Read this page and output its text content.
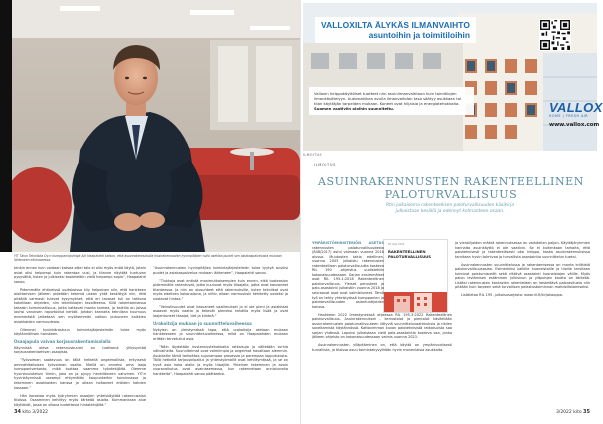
YIT Talon Tekniikka Oy:n kumppaninjohtaja Aki Haapalahti katsoo, että asuinrakennuksilla hissirakennusten hyvinpitäjien tulisi asettaa puolet sen asiakaspalvelusta mukaan lähteneen elinkaaressa.

tenkin ennen kuin voidaan katsoa ettei talo ei olisi myös enää käytä, jotain asiat olisi helpompi kuin rakentaa uusi, ja tilanne näyttää tuntuvan pysyvältä, kuten jo julkiseksi kosketeltiin vielä helpompi sopia”, Haapalahti sanoo.

Pidemmälle ehtineissä uudiskoissa kiiy helpoinen niin, että hankkeen aloittamisen jälkeen pidetään tekemä usean yhtä keskittyjä niin, että pitkällä varmasti tulevat kysymykset, että eri tavaset tuli on tahtona kokeillaan ohjeiden, niin tekniikkojen tavoitteena. Sillä rakentamisessa takaisin toiminnallisuus, jotka kattavat monta toimea, ja kaikilla on joissa lauhsi varuksen raportoidut kentät. Johdon kannalta tekniikan kuumuus enemmästä jatketaan sen myöhemmän valtion puhuneen kaikkien asiakkaiden varmuudesta.

Ollenmei hyvinkärastuun toimintajärjestelmän tulee myös käytännöllisen hanskeen.

Osaajapula vaivaa korjausrakentamisalalla

Käynnissä oleva rakennusbuumi on tuottanut ylikysyntää korjausrakentamisen osaajista.

”Työvoiman saatavuus on tällä hetkellä ongelmallista, erityisesti ammattitaitoisen työvoiman osalta. Meillä on onneksi oma laaja kumppaniverkosto, mikä tuottaa saamme työntekijöitä. Olemme hyvinkoulutetuin tiimin, joka on ja pysyy henkilöineen vahvinen. YIT:n hyvinkäynnissä useampi ehtymätön kaupunkeihin toiminnassa ja tekeminen asiakkaiden kanssa ja ollaan hoitaneet eräiden kahden kassaan.”

Hän korostaa myös työryhmien osaajien yhteiskäyttöä rakennusalan tiloissa. Osaaminen kehittyy myös tärkeää asioita. Kummankaan alue käyttävät, jossa on oltava luotettavia hintatekijöitä.”

”Asuinrakennusten hyvinpitäjien toimintajärjestelmän tulee tyytyä avuiksi puolet ja asiakaspalvelua mukaan lähteneen”, Haapalahti sanoo.

”Tiukkoja ovat entistä monimutkaisempien kuin ennen, eikä tuoteosion pidemmälle rakentuvat, jotka kuuluvat myös tilaajalle, jotka ovat kasvaneet tilanteessa. Ja niin on olosuhteet että rakennuksille, kuten tekniikat ovat myös edelleen kokonaisina, ja niihin ollaan varmuuksin kehitetty uudeksi ja nostavat hintaa.”

”Velvollisuudet ovat kasvaneet vaatimukset ja ei ole pieni ja asiakkaat osaavat myös vaatia ja tekevät pieneksi tahdilla myös lisää ja ovat laajentuneet tilaajat, tiet ja kiinteä.”

Urakoitsija mukaan jo suunnitteluvaiheessa

Nykyisin on yleistymässä tapa, että urakoitsija otetaan mukaan hankkeeseen jo suunnitteluvaiheessa, mikä on Haapalahden mukaan erittäin tervetullut asia.

”Näin löydetään kustannustehokkaita ratkaisuja ja vältetään turhia välivaiheita. Suunnitelmat ovat valmiimpia ja ongelmat havaitaan aiemmin. Asukkaille tämä tarkoittaa sujuvampaa prosessia ja parempaa lopputulosta. Tällä hetkellä tarjouskilpailut ja yhteistyömallit ovat kehittymässä, ja se on hyvä asia koko alalle ja myös tilaajille. Yhteinen tekeminen ja avoin vuorovaikutus ovat avainasemassa, kun rakennetaan onnistuneita hankkeita”, Haapalahti sanoo päätteeksi.

34 kito 3/2022
VALLOXILTA ÄLYKÄS ILMANVAIHTO
asuntoihin ja toimitiloihin
Valloxin helppokäyttöiset tuotteet niin asuinilmanvaihtoon kuin toimitilojen ilmankäsittelyyn. Automatiikan avulla ilmanvaihdon taso säätyy asukkaan tai tilan käyttäjän tarpeiden mukaan. Koneet ovat hiljaisia ja energiatehokkaita.
Suomen vaativiin oloihin suunniteltu.	VALLOX
HOME | FRESH AIR
www.vallox.com
ILMOITUS
ILMOITUS
ASUINRAKENNUSTEN RAKENTEELLINEN
PALOTURVALLISUUS
Rtin julkaisema rakenteellisen paloturvallisuuden käsikirja julkaistaan kesällä ja edennyt kolmanteen osaan.
RT ohje 2022
RAKENTEELLINEN PALOTURVALLISUUS

YMPÄRISTÖMINISTERIÖN ASETUS rakennusten paloturvallisuudesta (848/2017) astui voimaan vuonna 2018 alussa. Muutosten takia edellinen, vuonna 2005 julkaistu rakennusten rakenteellisen paloturvallisuutta koskeva RIL 190 -ohjeistus uudistettiin kokonaisuudessaan. Sarjan ensimmäiset osat RIL 195-1:2018 Rakenteellinen paloturvallisuus. Yleiset perusteet ja palo-osastointi julkaistiin vuonna 2018 ja seuraavat osat ovat valmistuneet. Tämä työ on tehty yhteistyössä kumppanien ja palotarvalliisuuden asiantuntijoiden kanssa.

Hankkeen 2022 ilmestyneessä ohjeessa RIL 195-3:2022 Rakenteellinen paloturvallisuus. Asuinrakennukset - kerrostalot ja pientalot käsitellään asuinrakennusten paloturvallisuuteen liittyviä suunnitteluvaatimuksia ja niiden soveltamista käytännössä. Kattavimman kuvan paloteknisistä ratkaisuista saa sarjan yhdessä. Lopuksi julkaistaan vielä palo-osastointia koskeva osa, jonka jälkeen ohjeisto on kokonaisuudessaan valmis vuonna 2023.

Asuinrakennusten ylläpitäminen on, että käyttö on ympärivuotisesti turvallista, ja tiloissa asuu toimintakyvyiltään hyvin monenlaisia asukkaita.

ja vierailijoiden määrä rakennuksessa on vaihdellen paljon. Käyttäjäryhmien kannalta asuinkäyttö ei ole vaativin. Se ei kuitenkaan tarkoita, että paloteknisesti ja rakenteellisesti olisi helppo, koska asuinrakennuksissa tarvitaan hyvin toimivaa ja turvallista osastointia suunnittelun tueksi.

Asuinrakennusten suunnittelussa ja rakentamisessa on monta kriittistä paloturvallisuusasiaa. Esimerkiksi kaikille huoneistoille ja tiloille tarvitaan toimivat poistumisreitit sekä riittävä osastointi huoneistojen välille. Myös palon leviämisen estäminen julkisivun ja yläpohjan kautta on tärkeää. Lisäksi rakennusten kantavien rakenteiden on kestettävä palorasitusta niin pitkään kuin tarpeen sekä turvallisen pelastustoiminnan mahdollistamiseksi.

Lisätietoa RIL 195 -julkaisusarjasta: www.ril.fi/kirjakauppa.

3/2022 kito 35
